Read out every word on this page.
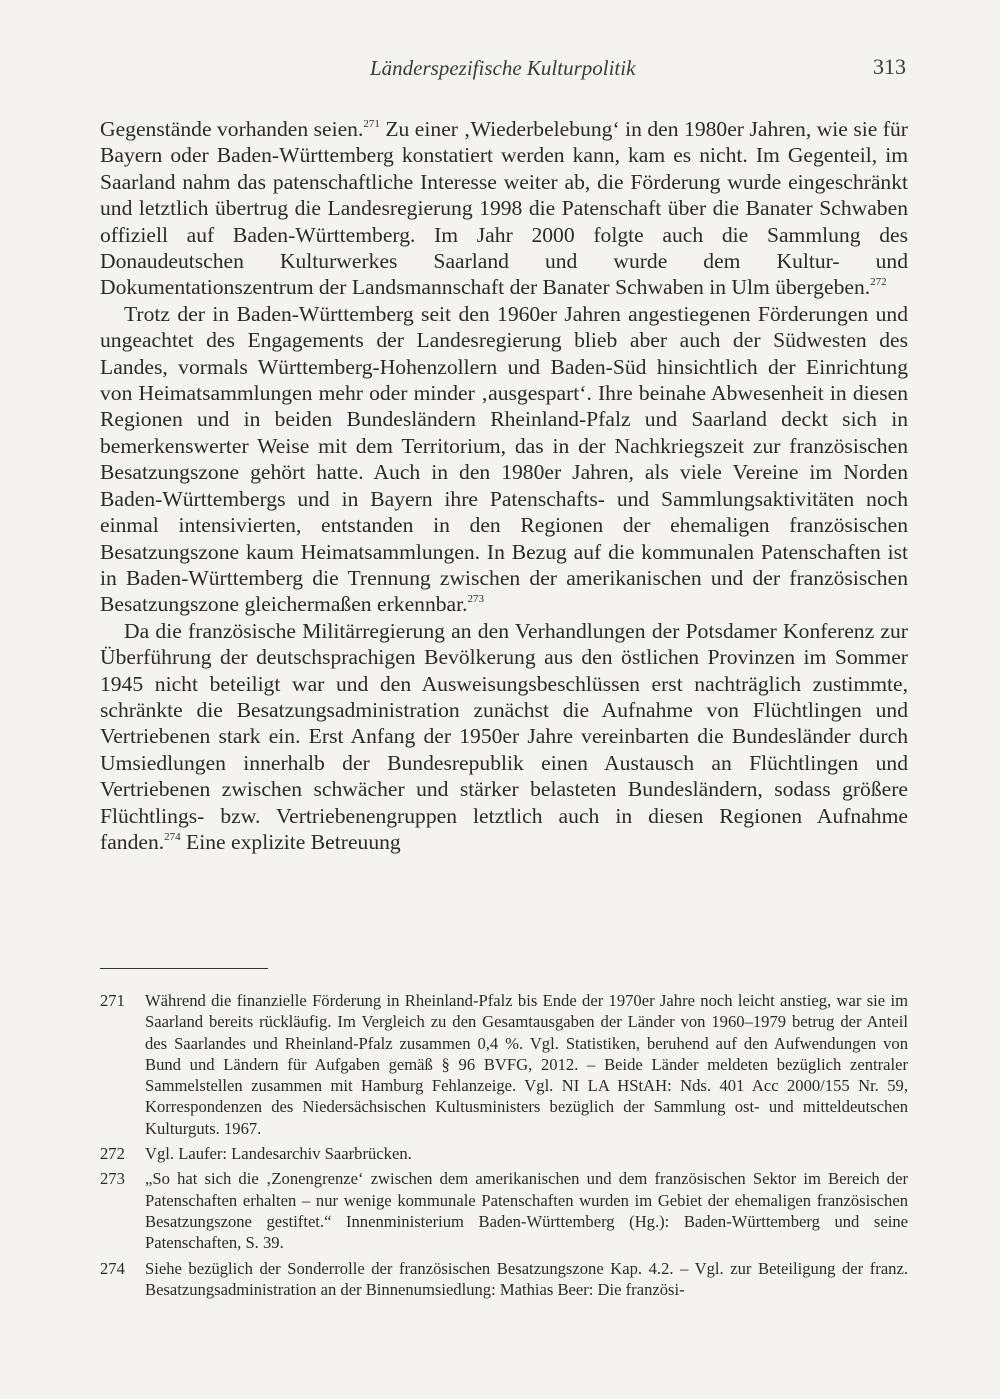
Länderspezifische Kulturpolitik	313

Gegenstände vorhanden seien.$^{271}$ Zu einer ‚Wiederbelebung‘ in den 1980er Jahren, wie sie für Bayern oder Baden-Württemberg konstatiert werden kann, kam es nicht. Im Gegenteil, im Saarland nahm das patenschaftliche Interesse weiter ab, die Förderung wurde eingeschränkt und letztlich übertrug die Landesregierung 1998 die Patenschaft über die Banater Schwaben offiziell auf Baden-Württemberg. Im Jahr 2000 folgte auch die Sammlung des Donaudeutschen Kulturwerkes Saarland und wurde dem Kultur- und Dokumentationszentrum der Landsmannschaft der Banater Schwaben in Ulm übergeben.$^{272}$

Trotz der in Baden-Württemberg seit den 1960er Jahren angestiegenen Förderungen und ungeachtet des Engagements der Landesregierung blieb aber auch der Südwesten des Landes, vormals Württemberg-Hohenzollern und Baden-Süd hinsichtlich der Einrichtung von Heimatsammlungen mehr oder minder ‚ausgespart‘. Ihre beinahe Abwesenheit in diesen Regionen und in beiden Bundesländern Rheinland-Pfalz und Saarland deckt sich in bemerkenswerter Weise mit dem Territorium, das in der Nachkriegszeit zur französischen Besatzungszone gehört hatte. Auch in den 1980er Jahren, als viele Vereine im Norden Baden-Württembergs und in Bayern ihre Patenschafts- und Sammlungsaktivitäten noch einmal intensivierten, entstanden in den Regionen der ehemaligen französischen Besatzungszone kaum Heimatsammlungen. In Bezug auf die kommunalen Patenschaften ist in Baden-Württemberg die Trennung zwischen der amerikanischen und der französischen Besatzungszone gleichermaßen erkennbar.$^{273}$

Da die französische Militärregierung an den Verhandlungen der Potsdamer Konferenz zur Überführung der deutschsprachigen Bevölkerung aus den östlichen Provinzen im Sommer 1945 nicht beteiligt war und den Ausweisungsbeschlüssen erst nachträglich zustimmte, schränkte die Besatzungsadministration zunächst die Aufnahme von Flüchtlingen und Vertriebenen stark ein. Erst Anfang der 1950er Jahre vereinbarten die Bundesländer durch Umsiedlungen innerhalb der Bundesrepublik einen Austausch an Flüchtlingen und Vertriebenen zwischen schwächer und stärker belasteten Bundesländern, sodass größere Flüchtlings- bzw. Vertriebenengruppen letztlich auch in diesen Regionen Aufnahme fanden.$^{274}$ Eine explizite Betreuung

271	Während die finanzielle Förderung in Rheinland-Pfalz bis Ende der 1970er Jahre noch leicht anstieg, war sie im Saarland bereits rückläufig. Im Vergleich zu den Gesamtausgaben der Länder von 1960–1979 betrug der Anteil des Saarlandes und Rheinland-Pfalz zusammen 0,4 %. Vgl. Statistiken, beruhend auf den Aufwendungen von Bund und Ländern für Aufgaben gemäß § 96 BVFG, 2012. – Beide Länder meldeten bezüglich zentraler Sammelstellen zusammen mit Hamburg Fehlanzeige. Vgl. NI LA HStAH: Nds. 401 Acc 2000/155 Nr. 59, Korrespondenzen des Niedersächsischen Kultusministers bezüglich der Sammlung ost- und mitteldeutschen Kulturguts. 1967.
272	Vgl. Laufer: Landesarchiv Saarbrücken.
273	„So hat sich die ‚Zonengrenze‘ zwischen dem amerikanischen und dem französischen Sektor im Bereich der Patenschaften erhalten – nur wenige kommunale Patenschaften wurden im Gebiet der ehemaligen französischen Besatzungszone gestiftet.“ Innenministerium Baden-Württemberg (Hg.): Baden-Württemberg und seine Patenschaften, S. 39.
274	Siehe bezüglich der Sonderrolle der französischen Besatzungszone Kap. 4.2. – Vgl. zur Beteiligung der franz. Besatzungsadministration an der Binnenumsiedlung: Mathias Beer: Die französi-
